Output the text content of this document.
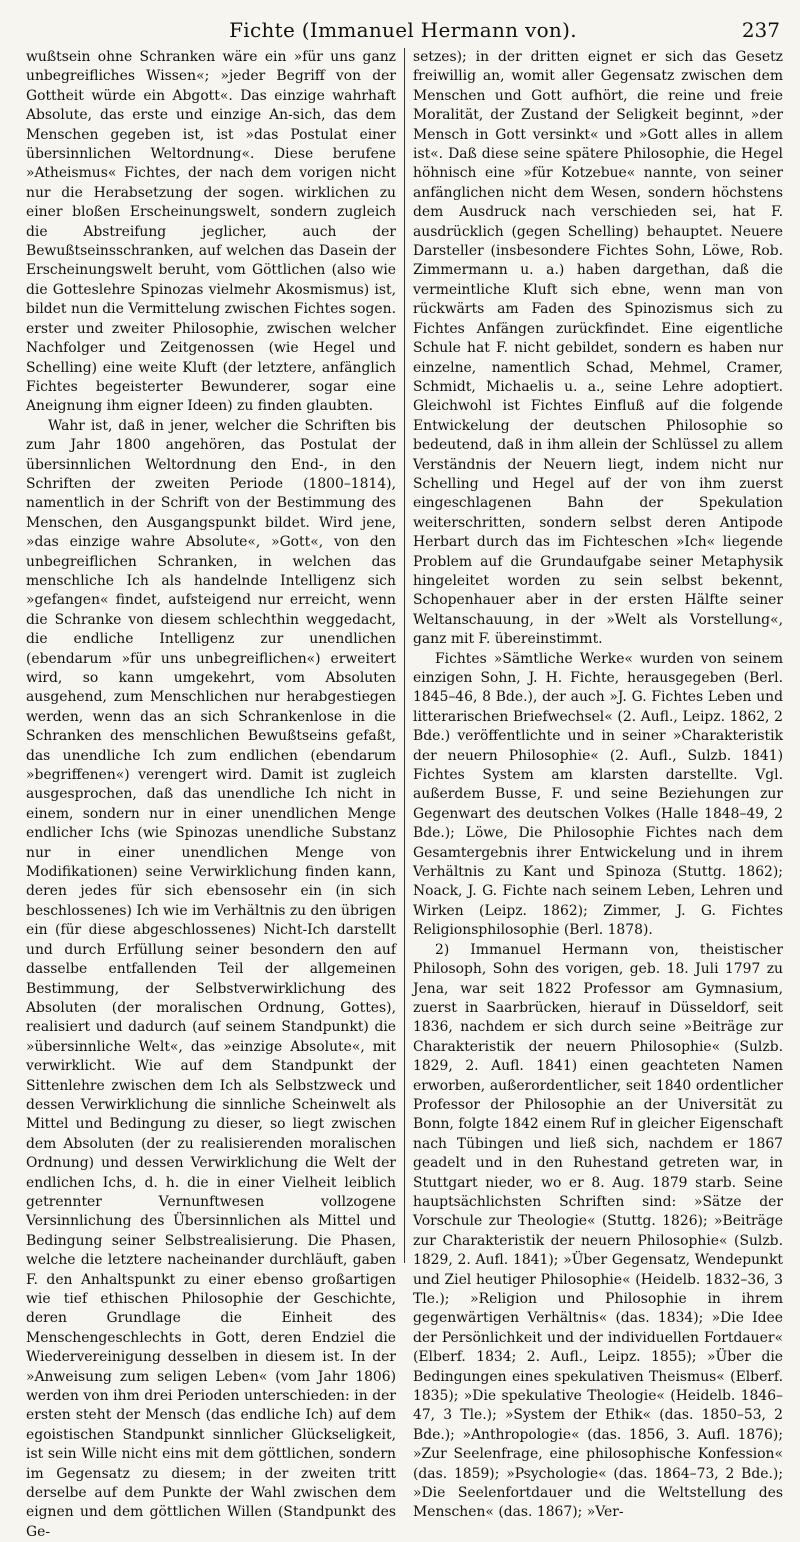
Fichte (Immanuel Hermann von).	237

wußtsein ohne Schranken wäre ein »für uns ganz unbegreifliches Wissen«; »jeder Begriff von der Gottheit würde ein Abgott«. Das einzige wahrhaft Absolute, das erste und einzige An-sich, das dem Menschen gegeben ist, ist »das Postulat einer übersinnlichen Weltordnung«. Diese berufene »Atheismus« Fichtes, der nach dem vorigen nicht nur die Herabsetzung der sogen. wirklichen zu einer bloßen Erscheinungswelt, sondern zugleich die Abstreifung jeglicher, auch der Bewußtseinsschranken, auf welchen das Dasein der Erscheinungswelt beruht, vom Göttlichen (also wie die Gotteslehre Spinozas vielmehr Akosmismus) ist, bildet nun die Vermittelung zwischen Fichtes sogen. erster und zweiter Philosophie, zwischen welcher Nachfolger und Zeitgenossen (wie Hegel und Schelling) eine weite Kluft (der letztere, anfänglich Fichtes begeisterter Bewunderer, sogar eine Aneignung ihm eigner Ideen) zu finden glaubten.

Wahr ist, daß in jener, welcher die Schriften bis zum Jahr 1800 angehören, das Postulat der übersinnlichen Weltordnung den End-, in den Schriften der zweiten Periode (1800–1814), namentlich in der Schrift von der Bestimmung des Menschen, den Ausgangspunkt bildet. Wird jene, »das einzige wahre Absolute«, »Gott«, von den unbegreiflichen Schranken, in welchen das menschliche Ich als handelnde Intelligenz sich »gefangen« findet, aufsteigend nur erreicht, wenn die Schranke von diesem schlechthin weggedacht, die endliche Intelligenz zur unendlichen (ebendarum »für uns unbegreiflichen«) erweitert wird, so kann umgekehrt, vom Absoluten ausgehend, zum Menschlichen nur herabgestiegen werden, wenn das an sich Schrankenlose in die Schranken des menschlichen Bewußtseins gefaßt, das unendliche Ich zum endlichen (ebendarum »begriffenen«) verengert wird. Damit ist zugleich ausgesprochen, daß das unendliche Ich nicht in einem, sondern nur in einer unendlichen Menge endlicher Ichs (wie Spinozas unendliche Substanz nur in einer unendlichen Menge von Modifikationen) seine Verwirklichung finden kann, deren jedes für sich ebensosehr ein (in sich beschlossenes) Ich wie im Verhältnis zu den übrigen ein (für diese abgeschlossenes) Nicht-Ich darstellt und durch Erfüllung seiner besondern den auf dasselbe entfallenden Teil der allgemeinen Bestimmung, der Selbstverwirklichung des Absoluten (der moralischen Ordnung, Gottes), realisiert und dadurch (auf seinem Standpunkt) die »übersinnliche Welt«, das »einzige Absolute«, mit verwirklicht. Wie auf dem Standpunkt der Sittenlehre zwischen dem Ich als Selbstzweck und dessen Verwirklichung die sinnliche Scheinwelt als Mittel und Bedingung zu dieser, so liegt zwischen dem Absoluten (der zu realisierenden moralischen Ordnung) und dessen Verwirklichung die Welt der endlichen Ichs, d. h. die in einer Vielheit leiblich getrennter Vernunftwesen vollzogene Versinnlichung des Übersinnlichen als Mittel und Bedingung seiner Selbstrealisierung. Die Phasen, welche die letztere nacheinander durchläuft, gaben F. den Anhaltspunkt zu einer ebenso großartigen wie tief ethischen Philosophie der Geschichte, deren Grundlage die Einheit des Menschengeschlechts in Gott, deren Endziel die Wiedervereinigung desselben in diesem ist. In der »Anweisung zum seligen Leben« (vom Jahr 1806) werden von ihm drei Perioden unterschieden: in der ersten steht der Mensch (das endliche Ich) auf dem egoistischen Standpunkt sinnlicher Glückseligkeit, ist sein Wille nicht eins mit dem göttlichen, sondern im Gegensatz zu diesem; in der zweiten tritt derselbe auf dem Punkte der Wahl zwischen dem eignen und dem göttlichen Willen (Standpunkt des Ge-

setzes); in der dritten eignet er sich das Gesetz freiwillig an, womit aller Gegensatz zwischen dem Menschen und Gott aufhört, die reine und freie Moralität, der Zustand der Seligkeit beginnt, »der Mensch in Gott versinkt« und »Gott alles in allem ist«. Daß diese seine spätere Philosophie, die Hegel höhnisch eine »für Kotzebue« nannte, von seiner anfänglichen nicht dem Wesen, sondern höchstens dem Ausdruck nach verschieden sei, hat F. ausdrücklich (gegen Schelling) behauptet. Neuere Darsteller (insbesondere Fichtes Sohn, Löwe, Rob. Zimmermann u. a.) haben dargethan, daß die vermeintliche Kluft sich ebne, wenn man von rückwärts am Faden des Spinozismus sich zu Fichtes Anfängen zurückfindet. Eine eigentliche Schule hat F. nicht gebildet, sondern es haben nur einzelne, namentlich Schad, Mehmel, Cramer, Schmidt, Michaelis u. a., seine Lehre adoptiert. Gleichwohl ist Fichtes Einfluß auf die folgende Entwickelung der deutschen Philosophie so bedeutend, daß in ihm allein der Schlüssel zu allem Verständnis der Neuern liegt, indem nicht nur Schelling und Hegel auf der von ihm zuerst eingeschlagenen Bahn der Spekulation weiterschritten, sondern selbst deren Antipode Herbart durch das im Fichteschen »Ich« liegende Problem auf die Grundaufgabe seiner Metaphysik hingeleitet worden zu sein selbst bekennt, Schopenhauer aber in der ersten Hälfte seiner Weltanschauung, in der »Welt als Vorstellung«, ganz mit F. übereinstimmt.

Fichtes »Sämtliche Werke« wurden von seinem einzigen Sohn, J. H. Fichte, herausgegeben (Berl. 1845–46, 8 Bde.), der auch »J. G. Fichtes Leben und litterarischen Briefwechsel« (2. Aufl., Leipz. 1862, 2 Bde.) veröffentlichte und in seiner »Charakteristik der neuern Philosophie« (2. Aufl., Sulzb. 1841) Fichtes System am klarsten darstellte. Vgl. außerdem Busse, F. und seine Beziehungen zur Gegenwart des deutschen Volkes (Halle 1848–49, 2 Bde.); Löwe, Die Philosophie Fichtes nach dem Gesamtergebnis ihrer Entwickelung und in ihrem Verhältnis zu Kant und Spinoza (Stuttg. 1862); Noack, J. G. Fichte nach seinem Leben, Lehren und Wirken (Leipz. 1862); Zimmer, J. G. Fichtes Religionsphilosophie (Berl. 1878).

2) Immanuel Hermann von, theistischer Philosoph, Sohn des vorigen, geb. 18. Juli 1797 zu Jena, war seit 1822 Professor am Gymnasium, zuerst in Saarbrücken, hierauf in Düsseldorf, seit 1836, nachdem er sich durch seine »Beiträge zur Charakteristik der neuern Philosophie« (Sulzb. 1829, 2. Aufl. 1841) einen geachteten Namen erworben, außerordentlicher, seit 1840 ordentlicher Professor der Philosophie an der Universität zu Bonn, folgte 1842 einem Ruf in gleicher Eigenschaft nach Tübingen und ließ sich, nachdem er 1867 geadelt und in den Ruhestand getreten war, in Stuttgart nieder, wo er 8. Aug. 1879 starb. Seine hauptsächlichsten Schriften sind: »Sätze der Vorschule zur Theologie« (Stuttg. 1826); »Beiträge zur Charakteristik der neuern Philosophie« (Sulzb. 1829, 2. Aufl. 1841); »Über Gegensatz, Wendepunkt und Ziel heutiger Philosophie« (Heidelb. 1832–36, 3 Tle.); »Religion und Philosophie in ihrem gegenwärtigen Verhältnis« (das. 1834); »Die Idee der Persönlichkeit und der individuellen Fortdauer« (Elberf. 1834; 2. Aufl., Leipz. 1855); »Über die Bedingungen eines spekulativen Theismus« (Elberf. 1835); »Die spekulative Theologie« (Heidelb. 1846–47, 3 Tle.); »System der Ethik« (das. 1850–53, 2 Bde.); »Anthropologie« (das. 1856, 3. Aufl. 1876); »Zur Seelenfrage, eine philosophische Konfession« (das. 1859); »Psychologie« (das. 1864–73, 2 Bde.); »Die Seelenfortdauer und die Weltstellung des Menschen« (das. 1867); »Ver-
